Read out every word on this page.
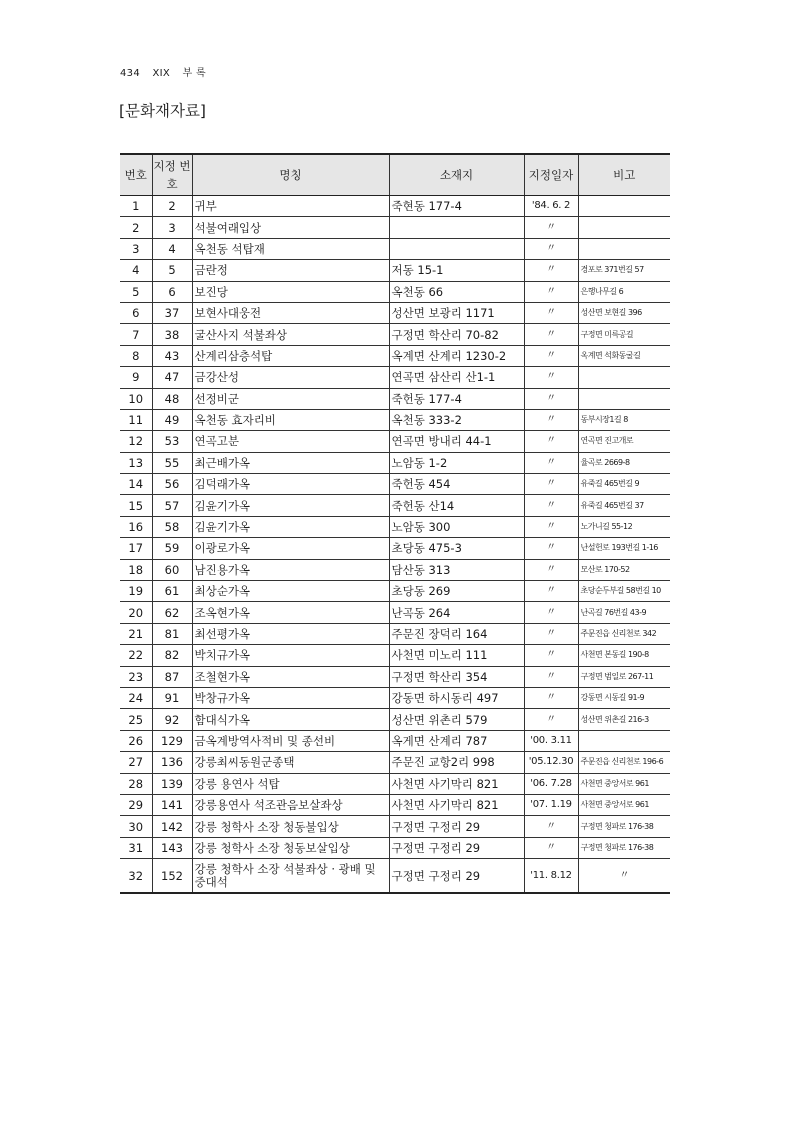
434 XIX 부 록
[문화재자료]
번호	지정 번호	명칭	소재지	지정일자	비고
1	2	귀부	죽현동 177-4	'84. 6. 2	
2	3	석불여래입상		〃	
3	4	옥천동 석탑재		〃	
4	5	금란정	저동 15-1	〃	경포로 371번길 57
5	6	보진당	옥천동 66	〃	은행나무길 6
6	37	보현사대웅전	성산면 보광리 1171	〃	성산면 보현길 396
7	38	굴산사지 석불좌상	구정면 학산리 70-82	〃	구정면 미륵공길
8	43	산계리삼층석탑	옥계면 산계리 1230-2	〃	옥계면 석화동굴길
9	47	금강산성	연곡면 삼산리 산1-1	〃	
10	48	선정비군	죽헌동 177-4	〃	
11	49	옥천동 효자리비	옥천동 333-2	〃	동부시장1길 8
12	53	연곡고분	연곡면 방내리 44-1	〃	연곡면 진고개로
13	55	최근배가옥	노암동 1-2	〃	율곡로 2669-8
14	56	김덕래가옥	죽헌동 454	〃	유죽길 465번길 9
15	57	김윤기가옥	죽헌동 산14	〃	유죽길 465번길 37
16	58	김윤기가옥	노암동 300	〃	노가니길 55-12
17	59	이광로가옥	초당동 475-3	〃	난설헌로 193번길 1-16
18	60	남진용가옥	담산동 313	〃	모산로 170-52
19	61	최상순가옥	초당동 269	〃	초당순두부길 58번길 10
20	62	조옥현가옥	난곡동 264	〃	난곡길 76번길 43-9
21	81	최선평가옥	주문진 장덕리 164	〃	주문진읍 신리천로 342
22	82	박치규가옥	사천면 미노리 111	〃	사천면 본동길 190-8
23	87	조철현가옥	구정면 학산리 354	〃	구정면 범일로 267-11
24	91	박창규가옥	강동면 하시동리 497	〃	강동면 시동길 91-9
25	92	함대식가옥	성산면 위촌리 579	〃	성산면 위촌길 216-3
26	129	금옥계방역사적비 및 종선비	옥게면 산계리 787	'00. 3.11	
27	136	강릉최씨동원군종택	주문진 교항2리 998	'05.12.30	주문진읍 신리천로 196-6
28	139	강릉 용연사 석탑	사천면 사기막리 821	'06. 7.28	사천면 중앙서로 961
29	141	강릉용연사 석조관음보살좌상	사천면 사기막리 821	'07. 1.19	사천면 중앙서로 961
30	142	강릉 청학사 소장 청동불입상	구정면 구정리 29	〃	구정면 청파로 176-38
31	143	강릉 청학사 소장 청동보살입상	구정면 구정리 29	〃	구정면 청파로 176-38
32	152	강릉 청학사 소장 석불좌상 · 광배 및 중대석	구정면 구정리 29	'11. 8.12	〃
